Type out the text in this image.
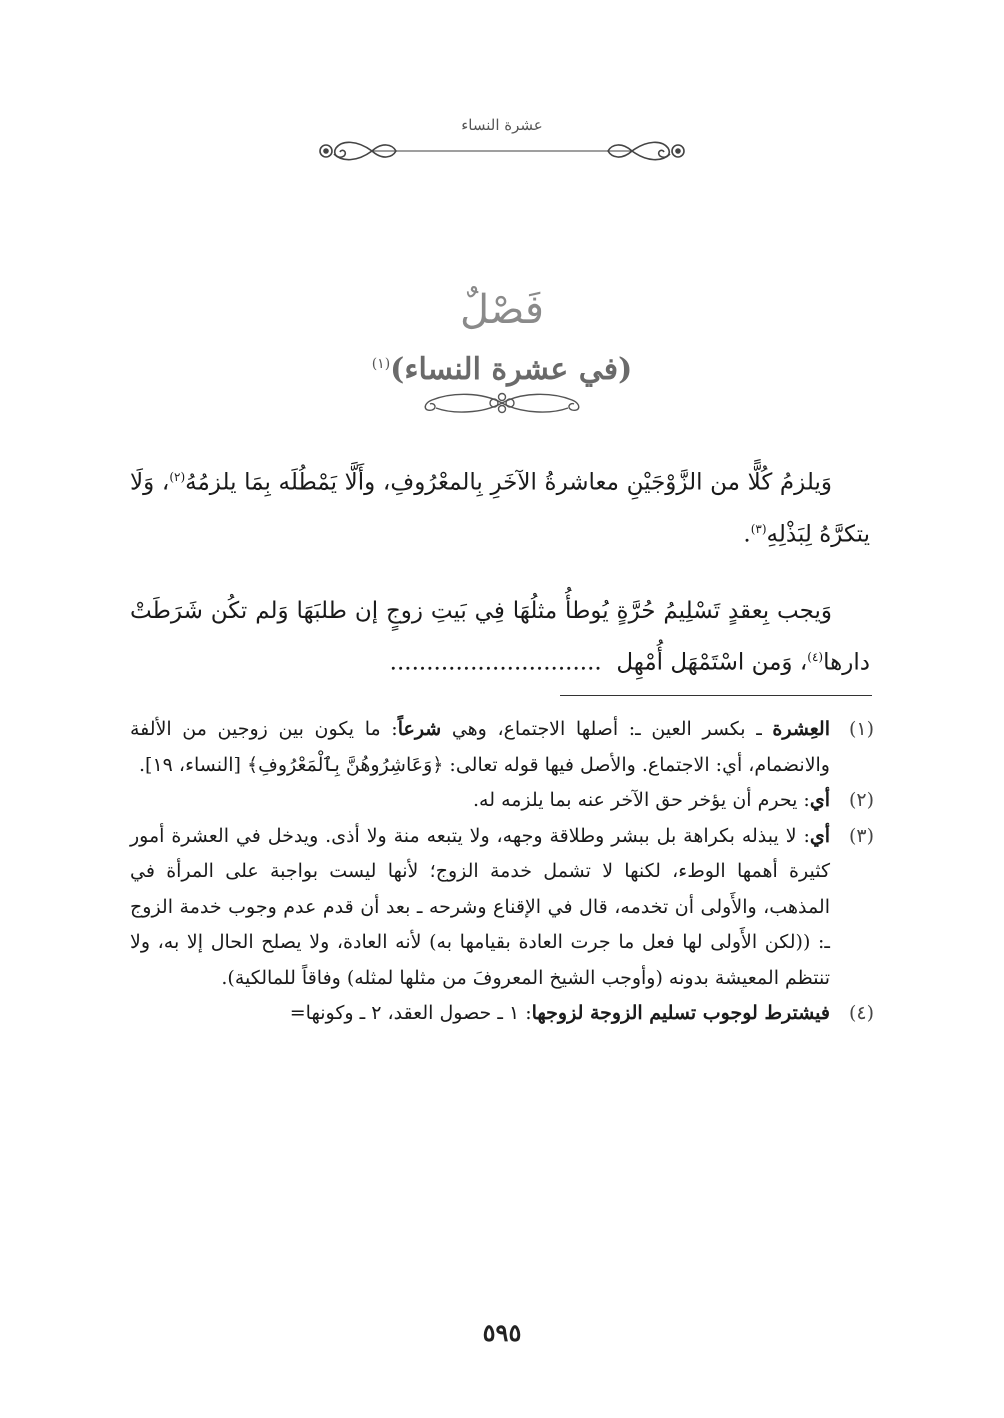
عشرة النساء
فَصْلٌ
(في عشرة النساء)$^{(١)}$
وَيلزمُ كُلًّا من الزَّوْجَيْنِ معاشرةُ الآخَرِ بِالمعْرُوفِ، وأَلَّا يَمْطُلَه بِمَا يلزمُهُ$^{(٢)}$، وَلَا يتكرَّهُ لِبَذْلِهِ$^{(٣)}$.
وَيجب بِعقدٍ تَسْلِيمُ حُرَّةٍ يُوطأُ مثلُهَا فِي بَيتِ زوجٍ إن طلبَهَا وَلم تكُن شَرَطَتْ دارها$^{(٤)}$، وَمن اسْتَمْهَل أُمْهِل  .............................
(١)
العِشرة ـ بكسر العين ـ: أصلها الاجتماع، وهي شرعاً: ما يكون بين زوجين من الألفة والانضمام، أي: الاجتماع. والأصل فيها قوله تعالى: ﴿وَعَاشِرُوهُنَّ بِٱلْمَعْرُوفِ﴾ [النساء، ١٩].
(٢)
أي: يحرم أن يؤخر حق الآخر عنه بما يلزمه له.
(٣)
أي: لا يبذله بكراهة بل ببشر وطلاقة وجهه، ولا يتبعه منة ولا أذى. ويدخل في العشرة أمور كثيرة أهمها الوطء، لكنها لا تشمل خدمة الزوج؛ لأنها ليست بواجبة على المرأة في المذهب، والأَولى أن تخدمه، قال في الإقناع وشرحه ـ بعد أن قدم عدم وجوب خدمة الزوج ـ: ((لكن الأَولى لها فعل ما جرت العادة بقيامها به) لأنه العادة، ولا يصلح الحال إلا به، ولا تنتظم المعيشة بدونه (وأوجب الشيخ المعروفَ من مثلها لمثله) وفاقاً للمالكية).
(٤)
فيشترط لوجوب تسليم الزوجة لزوجها: ١ ـ حصول العقد، ٢ ـ وكونها=
٥٩٥
